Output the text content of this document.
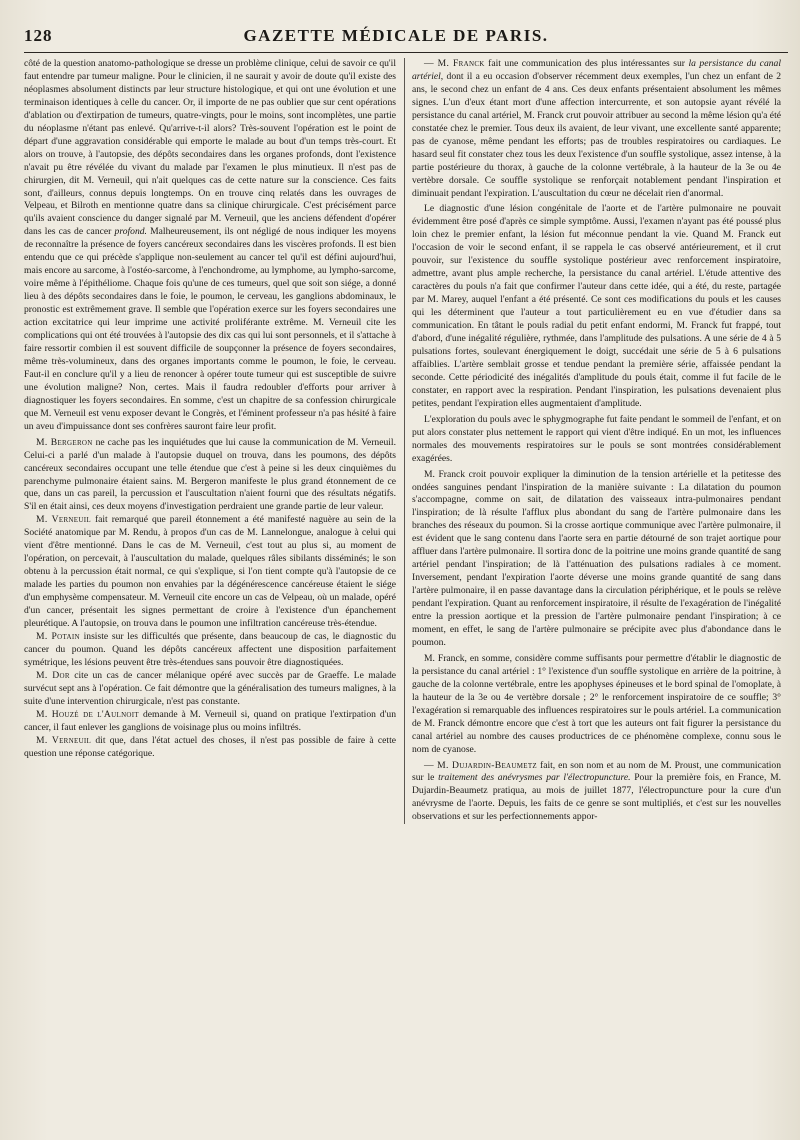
128	GAZETTE MÉDICALE DE PARIS.

côté de la question anatomo-pathologique se dresse un problème clinique, celui de savoir ce qu'il faut entendre par tumeur maligne. Pour le clinicien, il ne saurait y avoir de doute qu'il existe des néoplasmes absolument distincts par leur structure histologique, et qui ont une évolution et une terminaison identiques à celle du cancer. Or, il importe de ne pas oublier que sur cent opérations d'ablation ou d'extirpation de tumeurs, quatre-vingts, pour le moins, sont incomplètes, une partie du néoplasme n'étant pas enlevé. Qu'arrive-t-il alors? Très-souvent l'opération est le point de départ d'une aggravation considérable qui emporte le malade au bout d'un temps très-court. Et alors on trouve, à l'autopsie, des dépôts secondaires dans les organes profonds, dont l'existence n'avait pu être révélée du vivant du malade par l'examen le plus minutieux. Il n'est pas de chirurgien, dit M. Verneuil, qui n'ait quelques cas de cette nature sur la conscience. Ces faits sont, d'ailleurs, connus depuis longtemps. On en trouve cinq relatés dans les ouvrages de Velpeau, et Bilroth en mentionne quatre dans sa clinique chirurgicale. C'est précisément parce qu'ils avaient conscience du danger signalé par M. Verneuil, que les anciens défendent d'opérer dans les cas de cancer profond. Malheureusement, ils ont négligé de nous indiquer les moyens de reconnaître la présence de foyers cancéreux secondaires dans les viscères profonds. Il est bien entendu que ce qui précède s'applique non-seulement au cancer tel qu'il est défini aujourd'hui, mais encore au sarcome, à l'ostéo-sarcome, à l'enchondrome, au lymphome, au lympho-sarcome, voire même à l'épithéliome. Chaque fois qu'une de ces tumeurs, quel que soit son siége, a donné lieu à des dépôts secondaires dans le foie, le poumon, le cerveau, les ganglions abdominaux, le pronostic est extrêmement grave. Il semble que l'opération exerce sur les foyers secondaires une action excitatrice qui leur imprime une activité proliférante extrême. M. Verneuil cite les complications qui ont été trouvées à l'autopsie des dix cas qui lui sont personnels, et il s'attache à faire ressortir combien il est souvent difficile de soupçonner la présence de foyers secondaires, même très-volumineux, dans des organes importants comme le poumon, le foie, le cerveau. Faut-il en conclure qu'il y a lieu de renoncer à opérer toute tumeur qui est susceptible de suivre une évolution maligne? Non, certes. Mais il faudra redoubler d'efforts pour arriver à diagnostiquer les foyers secondaires. En somme, c'est un chapitre de sa confession chirurgicale que M. Verneuil est venu exposer devant le Congrès, et l'éminent professeur n'a pas hésité à faire un aveu d'impuissance dont ses confrères sauront faire leur profit.

M. Bergeron ne cache pas les inquiétudes que lui cause la communication de M. Verneuil. Celui-ci a parlé d'un malade à l'autopsie duquel on trouva, dans les poumons, des dépôts cancéreux secondaires occupant une telle étendue que c'est à peine si les deux cinquièmes du parenchyme pulmonaire étaient sains. M. Bergeron manifeste le plus grand étonnement de ce que, dans un cas pareil, la percussion et l'auscultation n'aient fourni que des résultats négatifs. S'il en était ainsi, ces deux moyens d'investigation perdraient une grande partie de leur valeur.

M. Verneuil fait remarqué que pareil étonnement a été manifesté naguère au sein de la Société anatomique par M. Rendu, à propos d'un cas de M. Lannelongue, analogue à celui qui vient d'être mentionné. Dans le cas de M. Verneuil, c'est tout au plus si, au moment de l'opération, on percevait, à l'auscultation du malade, quelques râles sibilants disséminés; le son obtenu à la percussion était normal, ce qui s'explique, si l'on tient compte qu'à l'autopsie de ce malade les parties du poumon non envahies par la dégénérescence cancéreuse étaient le siége d'un emphysème compensateur. M. Verneuil cite encore un cas de Velpeau, où un malade, opéré d'un cancer, présentait les signes permettant de croire à l'existence d'un épanchement pleurétique. A l'autopsie, on trouva dans le poumon une infiltration cancéreuse très-étendue.

M. Potain insiste sur les difficultés que présente, dans beaucoup de cas, le diagnostic du cancer du poumon. Quand les dépôts cancéreux affectent une disposition parfaitement symétrique, les lésions peuvent être très-étendues sans pouvoir être diagnostiquées.

M. Dor cite un cas de cancer mélanique opéré avec succès par de Graeffe. Le malade survécut sept ans à l'opération. Ce fait démontre que la généralisation des tumeurs malignes, à la suite d'une intervention chirurgicale, n'est pas constante.

M. Houzé de l'Aulnoit demande à M. Verneuil si, quand on pratique l'extirpation d'un cancer, il faut enlever les ganglions de voisinage plus ou moins infiltrés.

M. Verneuil dit que, dans l'état actuel des choses, il n'est pas possible de faire à cette question une réponse catégorique.

— M. Franck fait une communication des plus intéressantes sur la persistance du canal artériel, dont il a eu occasion d'observer récemment deux exemples, l'un chez un enfant de 2 ans, le second chez un enfant de 4 ans. Ces deux enfants présentaient absolument les mêmes signes. L'un d'eux étant mort d'une affection intercurrente, et son autopsie ayant révélé la persistance du canal artériel, M. Franck crut pouvoir attribuer au second la même lésion qu'a été constatée chez le premier. Tous deux ils avaient, de leur vivant, une excellente santé apparente; pas de cyanose, même pendant les efforts; pas de troubles respiratoires ou cardiaques. Le hasard seul fit constater chez tous les deux l'existence d'un souffle systolique, assez intense, à la partie postérieure du thorax, à gauche de la colonne vertébrale, à la hauteur de la 3e ou 4e vertèbre dorsale. Ce souffle systolique se renforçait notablement pendant l'inspiration et diminuait pendant l'expiration. L'auscultation du cœur ne décelait rien d'anormal.

Le diagnostic d'une lésion congénitale de l'aorte et de l'artère pulmonaire ne pouvait évidemment être posé d'après ce simple symptôme. Aussi, l'examen n'ayant pas été poussé plus loin chez le premier enfant, la lésion fut méconnue pendant la vie. Quand M. Franck eut l'occasion de voir le second enfant, il se rappela le cas observé antérieurement, et il crut pouvoir, sur l'existence du souffle systolique postérieur avec renforcement inspiratoire, admettre, avant plus ample recherche, la persistance du canal artériel. L'étude attentive des caractères du pouls n'a fait que confirmer l'auteur dans cette idée, qui a été, du reste, partagée par M. Marey, auquel l'enfant a été présenté. Ce sont ces modifications du pouls et les causes qui les déterminent que l'auteur a tout particulièrement eu en vue d'étudier dans sa communication. En tâtant le pouls radial du petit enfant endormi, M. Franck fut frappé, tout d'abord, d'une inégalité régulière, rythmée, dans l'amplitude des pulsations. A une série de 4 à 5 pulsations fortes, soulevant énergiquement le doigt, succédait une série de 5 à 6 pulsations affaiblies. L'artère semblait grosse et tendue pendant la première série, affaissée pendant la seconde. Cette périodicité des inégalités d'amplitude du pouls était, comme il fut facile de le constater, en rapport avec la respiration. Pendant l'inspiration, les pulsations devenaient plus petites, pendant l'expiration elles augmentaient d'amplitude.

L'exploration du pouls avec le sphygmographe fut faite pendant le sommeil de l'enfant, et on put alors constater plus nettement le rapport qui vient d'être indiqué. En un mot, les influences normales des mouvements respiratoires sur le pouls se sont montrées considérablement exagérées.

M. Franck croit pouvoir expliquer la diminution de la tension artérielle et la petitesse des ondées sanguines pendant l'inspiration de la manière suivante : La dilatation du poumon s'accompagne, comme on sait, de dilatation des vaisseaux intra-pulmonaires pendant l'inspiration; de là résulte l'afflux plus abondant du sang de l'artère pulmonaire dans les branches des réseaux du poumon. Si la crosse aortique communique avec l'artère pulmonaire, il est évident que le sang contenu dans l'aorte sera en partie détourné de son trajet aortique pour affluer dans l'artère pulmonaire. Il sortira donc de la poitrine une moins grande quantité de sang artériel pendant l'inspiration; de là l'atténuation des pulsations radiales à ce moment. Inversement, pendant l'expiration l'aorte déverse une moins grande quantité de sang dans l'artère pulmonaire, il en passe davantage dans la circulation périphérique, et le pouls se relève pendant l'expiration. Quant au renforcement inspiratoire, il résulte de l'exagération de l'inégalité entre la pression aortique et la pression de l'artère pulmonaire pendant l'inspiration; à ce moment, en effet, le sang de l'artère pulmonaire se précipite avec plus d'abondance dans le poumon.

M. Franck, en somme, considère comme suffisants pour permettre d'établir le diagnostic de la persistance du canal artériel : 1° l'existence d'un souffle systolique en arrière de la poitrine, à gauche de la colonne vertébrale, entre les apophyses épineuses et le bord spinal de l'omoplate, à la hauteur de la 3e ou 4e vertèbre dorsale ; 2° le renforcement inspiratoire de ce souffle; 3° l'exagération si remarquable des influences respiratoires sur le pouls artériel. La communication de M. Franck démontre encore que c'est à tort que les auteurs ont fait figurer la persistance du canal artériel au nombre des causes productrices de ce phénomène complexe, connu sous le nom de cyanose.

— M. Dujardin-Beaumetz fait, en son nom et au nom de M. Proust, une communication sur le traitement des anévrysmes par l'électropuncture. Pour la première fois, en France, M. Dujardin-Beaumetz pratiqua, au mois de juillet 1877, l'électropuncture pour la cure d'un anévrysme de l'aorte. Depuis, les faits de ce genre se sont multipliés, et c'est sur les nouvelles observations et sur les perfectionnements appor-
